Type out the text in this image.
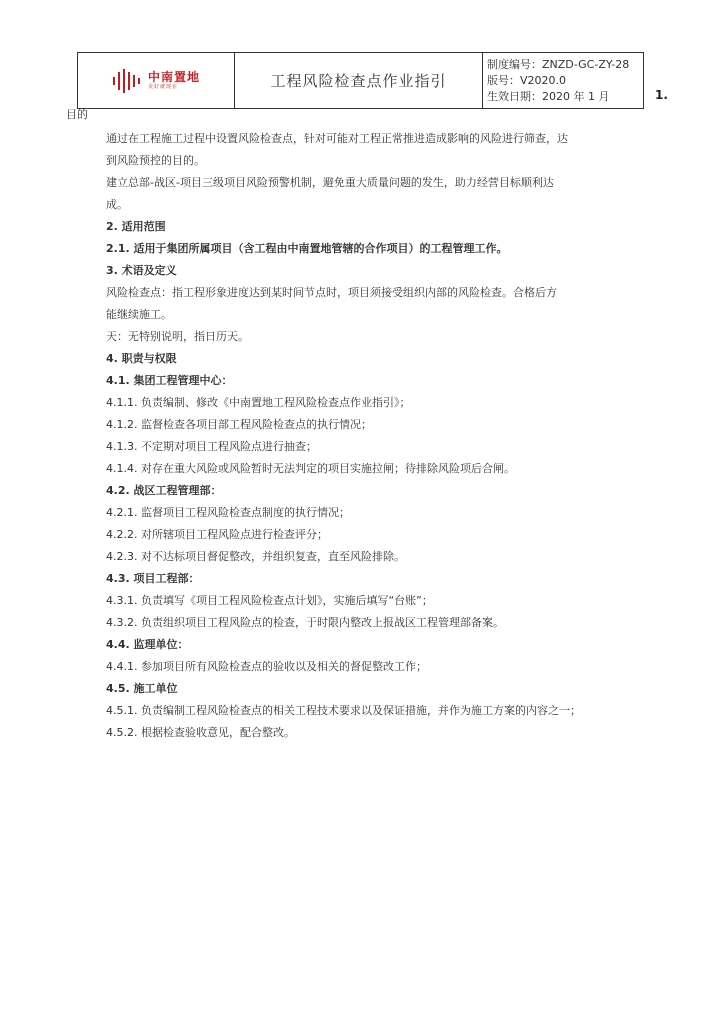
中南置地
美好就现在	工程风险检查点作业指引	
制度编号：ZNZD-GC-ZY-28
版号：V2020.0
生效日期：2020 年 1 月	1.
目的
通过在工程施工过程中设置风险检查点，针对可能对工程正常推进造成影响的风险进行筛查，达
到风险预控的目的。
建立总部-战区-项目三级项目风险预警机制，避免重大质量问题的发生，助力经营目标顺利达
成。
2. 适用范围
2.1. 适用于集团所属项目（含工程由中南置地管辖的合作项目）的工程管理工作。
3. 术语及定义
风险检查点：指工程形象进度达到某时间节点时，项目须接受组织内部的风险检查。合格后方
能继续施工。
天：无特别说明，指日历天。
4. 职责与权限
4.1. 集团工程管理中心：
4.1.1. 负责编制、修改《中南置地工程风险检查点作业指引》；
4.1.2. 监督检查各项目部工程风险检查点的执行情况；
4.1.3. 不定期对项目工程风险点进行抽查；
4.1.4. 对存在重大风险或风险暂时无法判定的项目实施拉闸；待排除风险项后合闸。
4.2. 战区工程管理部：
4.2.1. 监督项目工程风险检查点制度的执行情况；
4.2.2. 对所辖项目工程风险点进行检查评分；
4.2.3. 对不达标项目督促整改，并组织复查，直至风险排除。
4.3. 项目工程部：
4.3.1. 负责填写《项目工程风险检查点计划》，实施后填写“台账”；
4.3.2. 负责组织项目工程风险点的检查，于时限内整改上报战区工程管理部备案。
4.4. 监理单位：
4.4.1. 参加项目所有风险检查点的验收以及相关的督促整改工作；
4.5. 施工单位
4.5.1. 负责编制工程风险检查点的相关工程技术要求以及保证措施，并作为施工方案的内容之一；
4.5.2. 根据检查验收意见，配合整改。
